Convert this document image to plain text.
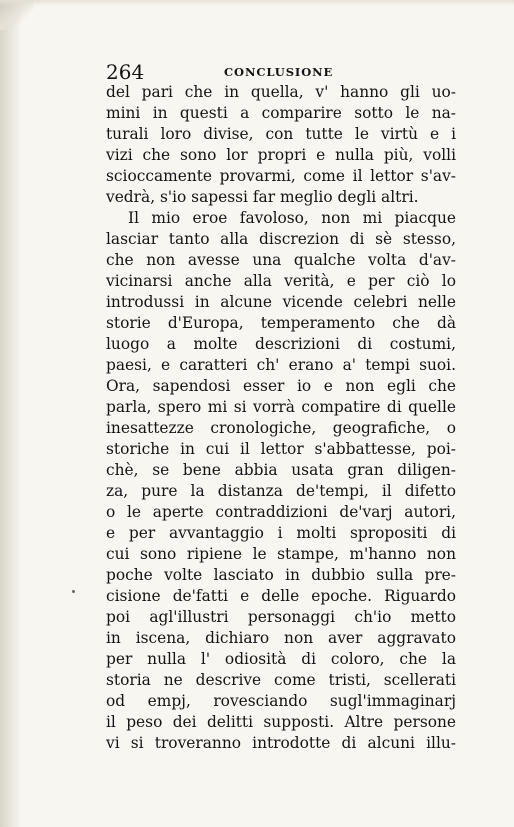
264	CONCLUSIONE
del pari che in quella, v' hanno gli uo-
mini in questi a comparire sotto le na-
turali loro divise, con tutte le virtù e i
vizi che sono lor propri e nulla più, volli
scioccamente provarmi, come il lettor s'av-
vedrà, s'io sapessi far meglio degli altri.
Il mio eroe favoloso, non mi piacque
lasciar tanto alla discrezion di sè stesso,
che non avesse una qualche volta d'av-
vicinarsi anche alla verità, e per ciò lo
introdussi in alcune vicende celebri nelle
storie d'Europa, temperamento che dà
luogo a molte descrizioni di costumi,
paesi, e caratteri ch' erano a' tempi suoi.
Ora, sapendosi esser io e non egli che
parla, spero mi si vorrà compatire di quelle
inesattezze cronologiche, geografiche, o
storiche in cui il lettor s'abbattesse, poi-
chè, se bene abbia usata gran diligen-
za, pure la distanza de'tempi, il difetto
o le aperte contraddizioni de'varj autori,
e per avvantaggio i molti spropositi di
cui sono ripiene le stampe, m'hanno non
poche volte lasciato in dubbio sulla pre-
cisione de'fatti e delle epoche. Riguardo
poi agl'illustri personaggi ch'io metto
in iscena, dichiaro non aver aggravato
per nulla l' odiosità di coloro, che la
storia ne descrive come tristi, scellerati
od empj, rovesciando sugl'immaginarj
il peso dei delitti supposti. Altre persone
vi si troveranno introdotte di alcuni illu-
